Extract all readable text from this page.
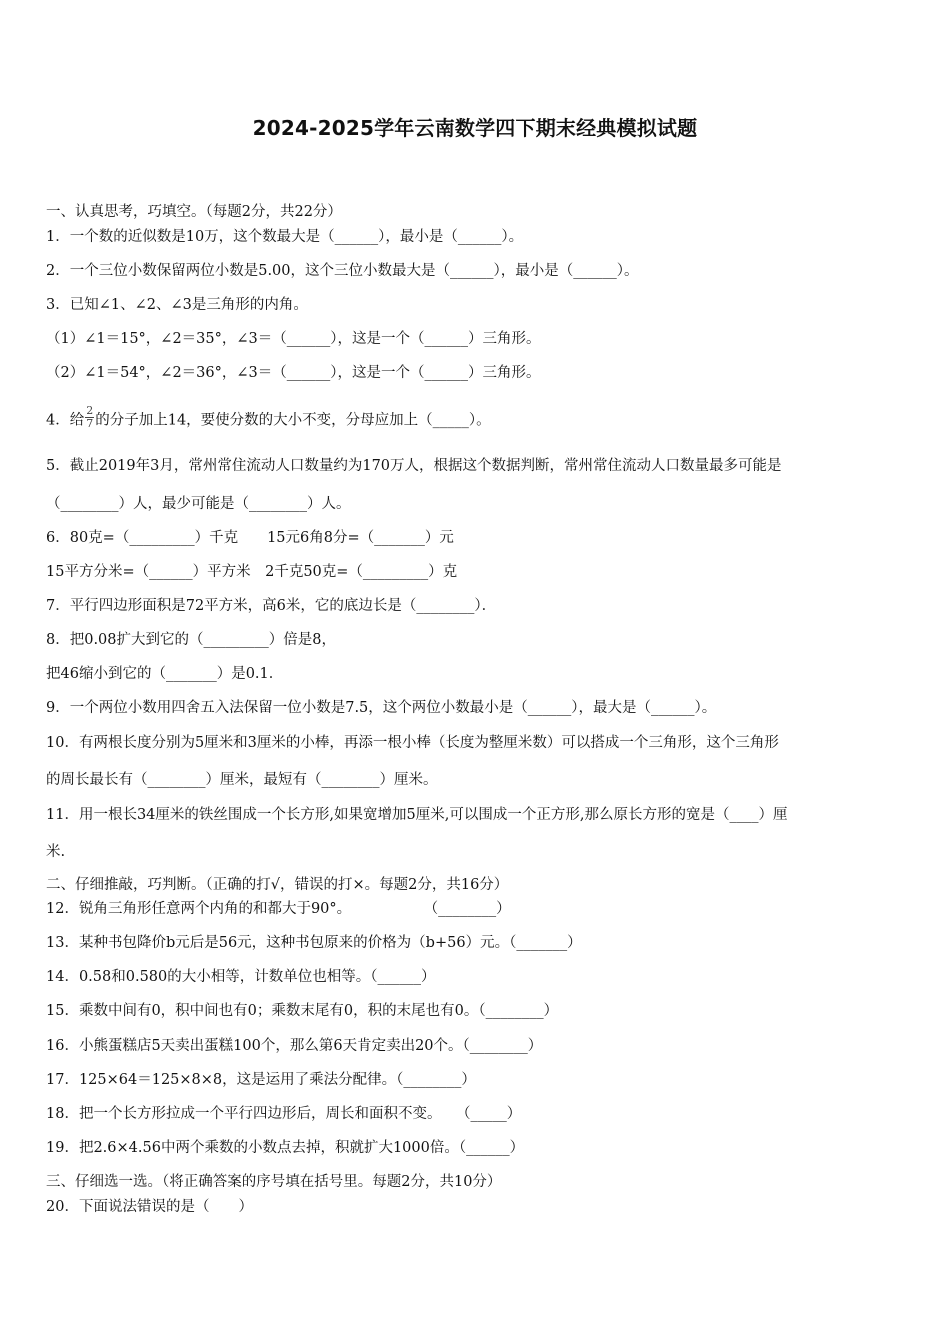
2024-2025学年云南数学四下期末经典模拟试题
一、认真思考，巧填空。（每题2分，共22分）
1．一个数的近似数是10万，这个数最大是（______），最小是（______）。
2．一个三位小数保留两位小数是5.00，这个三位小数最大是（______），最小是（______）。
3．已知∠1、∠2、∠3是三角形的内角。
（1）∠1＝15°，∠2＝35°，∠3＝（______），这是一个（______）三角形。
（2）∠1＝54°，∠2＝36°，∠3＝（______），这是一个（______）三角形。
4．给 $\frac{2}{7}$ 的分子加上14，要使分数的大小不变，分母应加上（_____）。
5．截止2019年3月，常州常住流动人口数量约为170万人，根据这个数据判断，常州常住流动人口数量最多可能是
（________）人，最少可能是（________）人。
6．80克=（_________）千克　　15元6角8分=（_______）元
15平方分米=（______）平方米　2千克50克=（_________）克
7．平行四边形面积是72平方米，高6米，它的底边长是（________）．
8．把0.08扩大到它的（_________）倍是8，
把46缩小到它的（_______）是0.1．
9．一个两位小数用四舍五入法保留一位小数是7.5，这个两位小数最小是（______），最大是（______）。
10．有两根长度分别为5厘米和3厘米的小棒，再添一根小棒（长度为整厘米数）可以搭成一个三角形，这个三角形
的周长最长有（________）厘米，最短有（________）厘米。
11．用一根长34厘米的铁丝围成一个长方形,如果宽增加5厘米,可以围成一个正方形,那么原长方形的宽是（____）厘
米.
二、仔细推敲，巧判断。（正确的打√，错误的打×。每题2分，共16分）
12．锐角三角形任意两个内角的和都大于90°。　　　　　　（________）
13．某种书包降价b元后是56元，这种书包原来的价格为（b+56）元。（_______）
14．0.58和0.580的大小相等，计数单位也相等。（______）
15．乘数中间有0，积中间也有0；乘数末尾有0，积的末尾也有0。（________）
16．小熊蛋糕店5天卖出蛋糕100个，那么第6天肯定卖出20个。（________）
17．125×64＝125×8×8，这是运用了乘法分配律。（________）
18．把一个长方形拉成一个平行四边形后，周长和面积不变。　　（_____）
19．把2.6×4.56中两个乘数的小数点去掉，积就扩大1000倍。（______）
三、仔细选一选。（将正确答案的序号填在括号里。每题2分，共10分）
20．下面说法错误的是（　　）
